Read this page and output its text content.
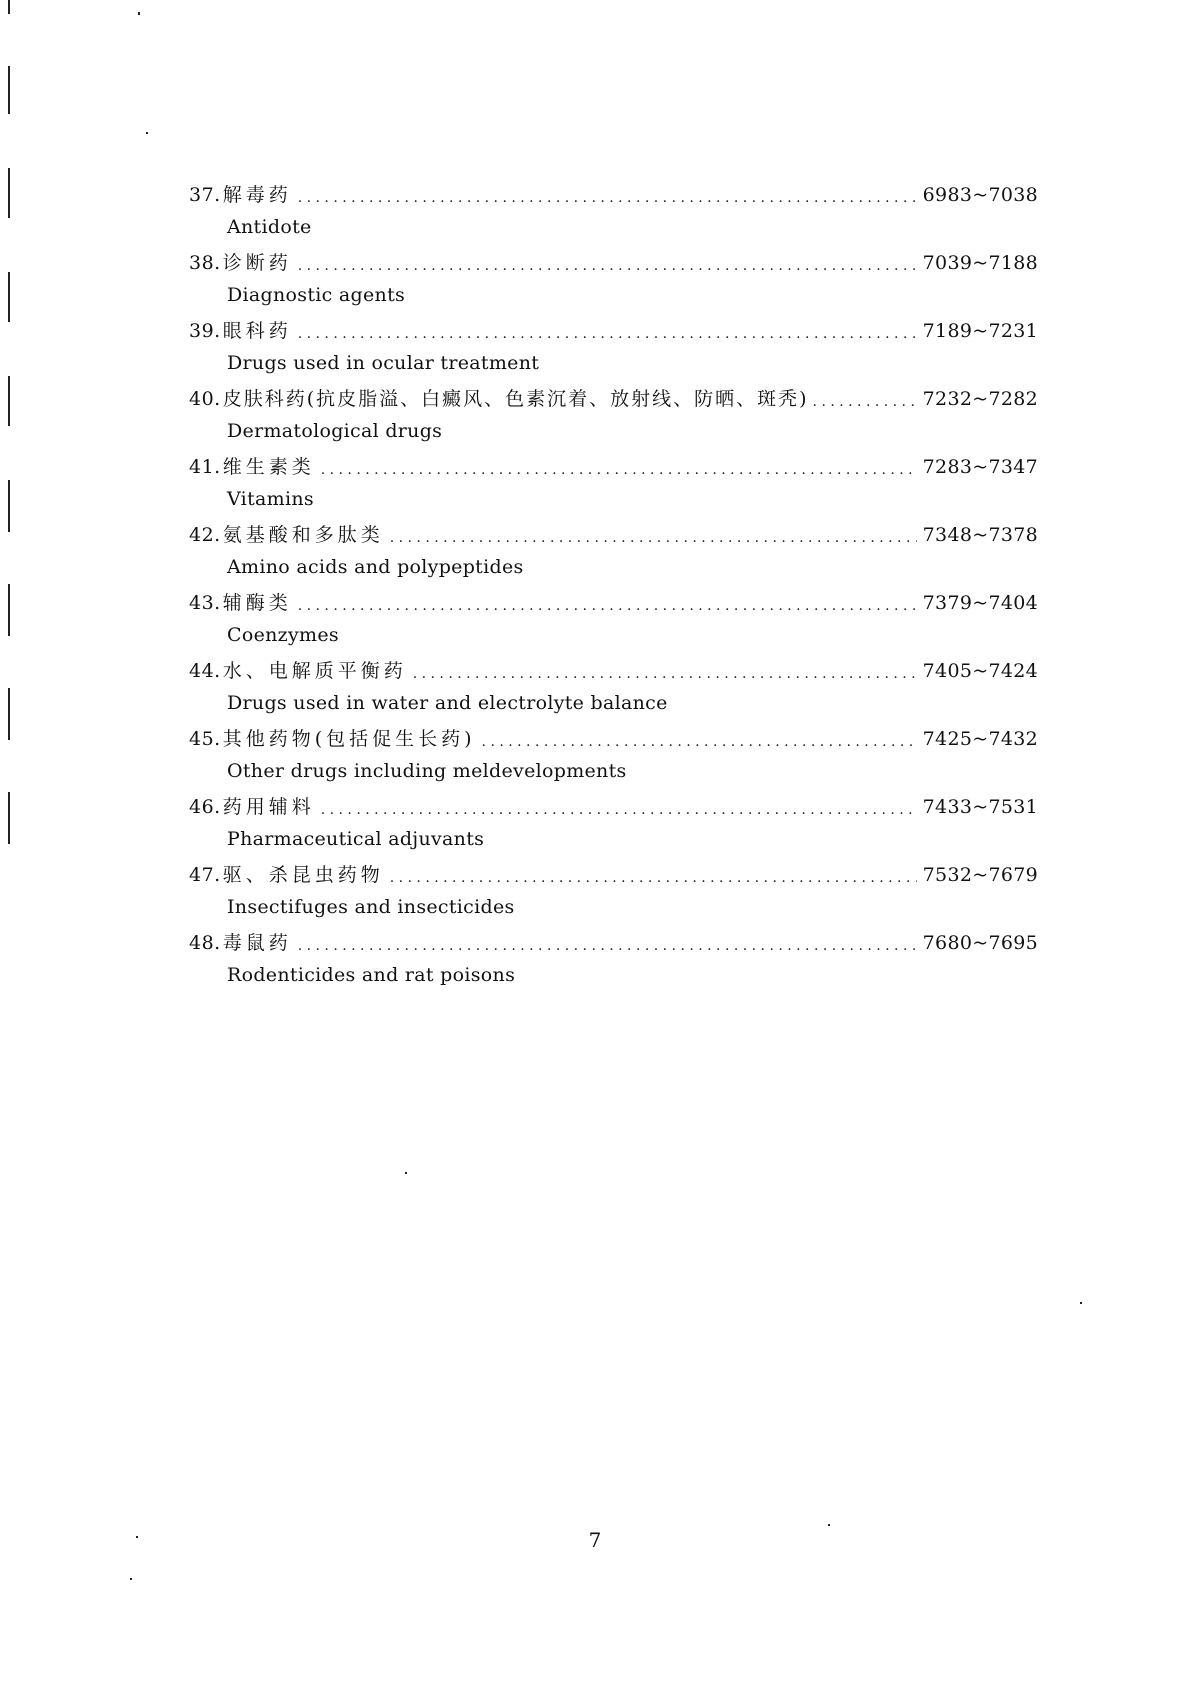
37. 解毒药 . . .	6983~7038
Antidote
38. 诊断药 . . .	7039~7188
Diagnostic agents
39. 眼科药 . . .	7189~7231
Drugs used in ocular treatment
40. 皮肤科药(抗皮脂溢、白癜风、色素沉着、放射线、防晒、斑秃) . . .	7232~7282
Dermatological drugs
41. 维生素类 . . .	7283~7347
Vitamins
42. 氨基酸和多肽类 . . .	7348~7378
Amino acids and polypeptides
43. 辅酶类 . . .	7379~7404
Coenzymes
44. 水、电解质平衡药 . . .	7405~7424
Drugs used in water and electrolyte balance
45. 其他药物(包括促生长药) . . .	7425~7432
Other drugs including meldevelopments
46. 药用辅料 . . .	7433~7531
Pharmaceutical adjuvants
47. 驱、杀昆虫药物 . . .	7532~7679
Insectifuges and insecticides
48. 毒鼠药 . . .	7680~7695
Rodenticides and rat poisons
7
